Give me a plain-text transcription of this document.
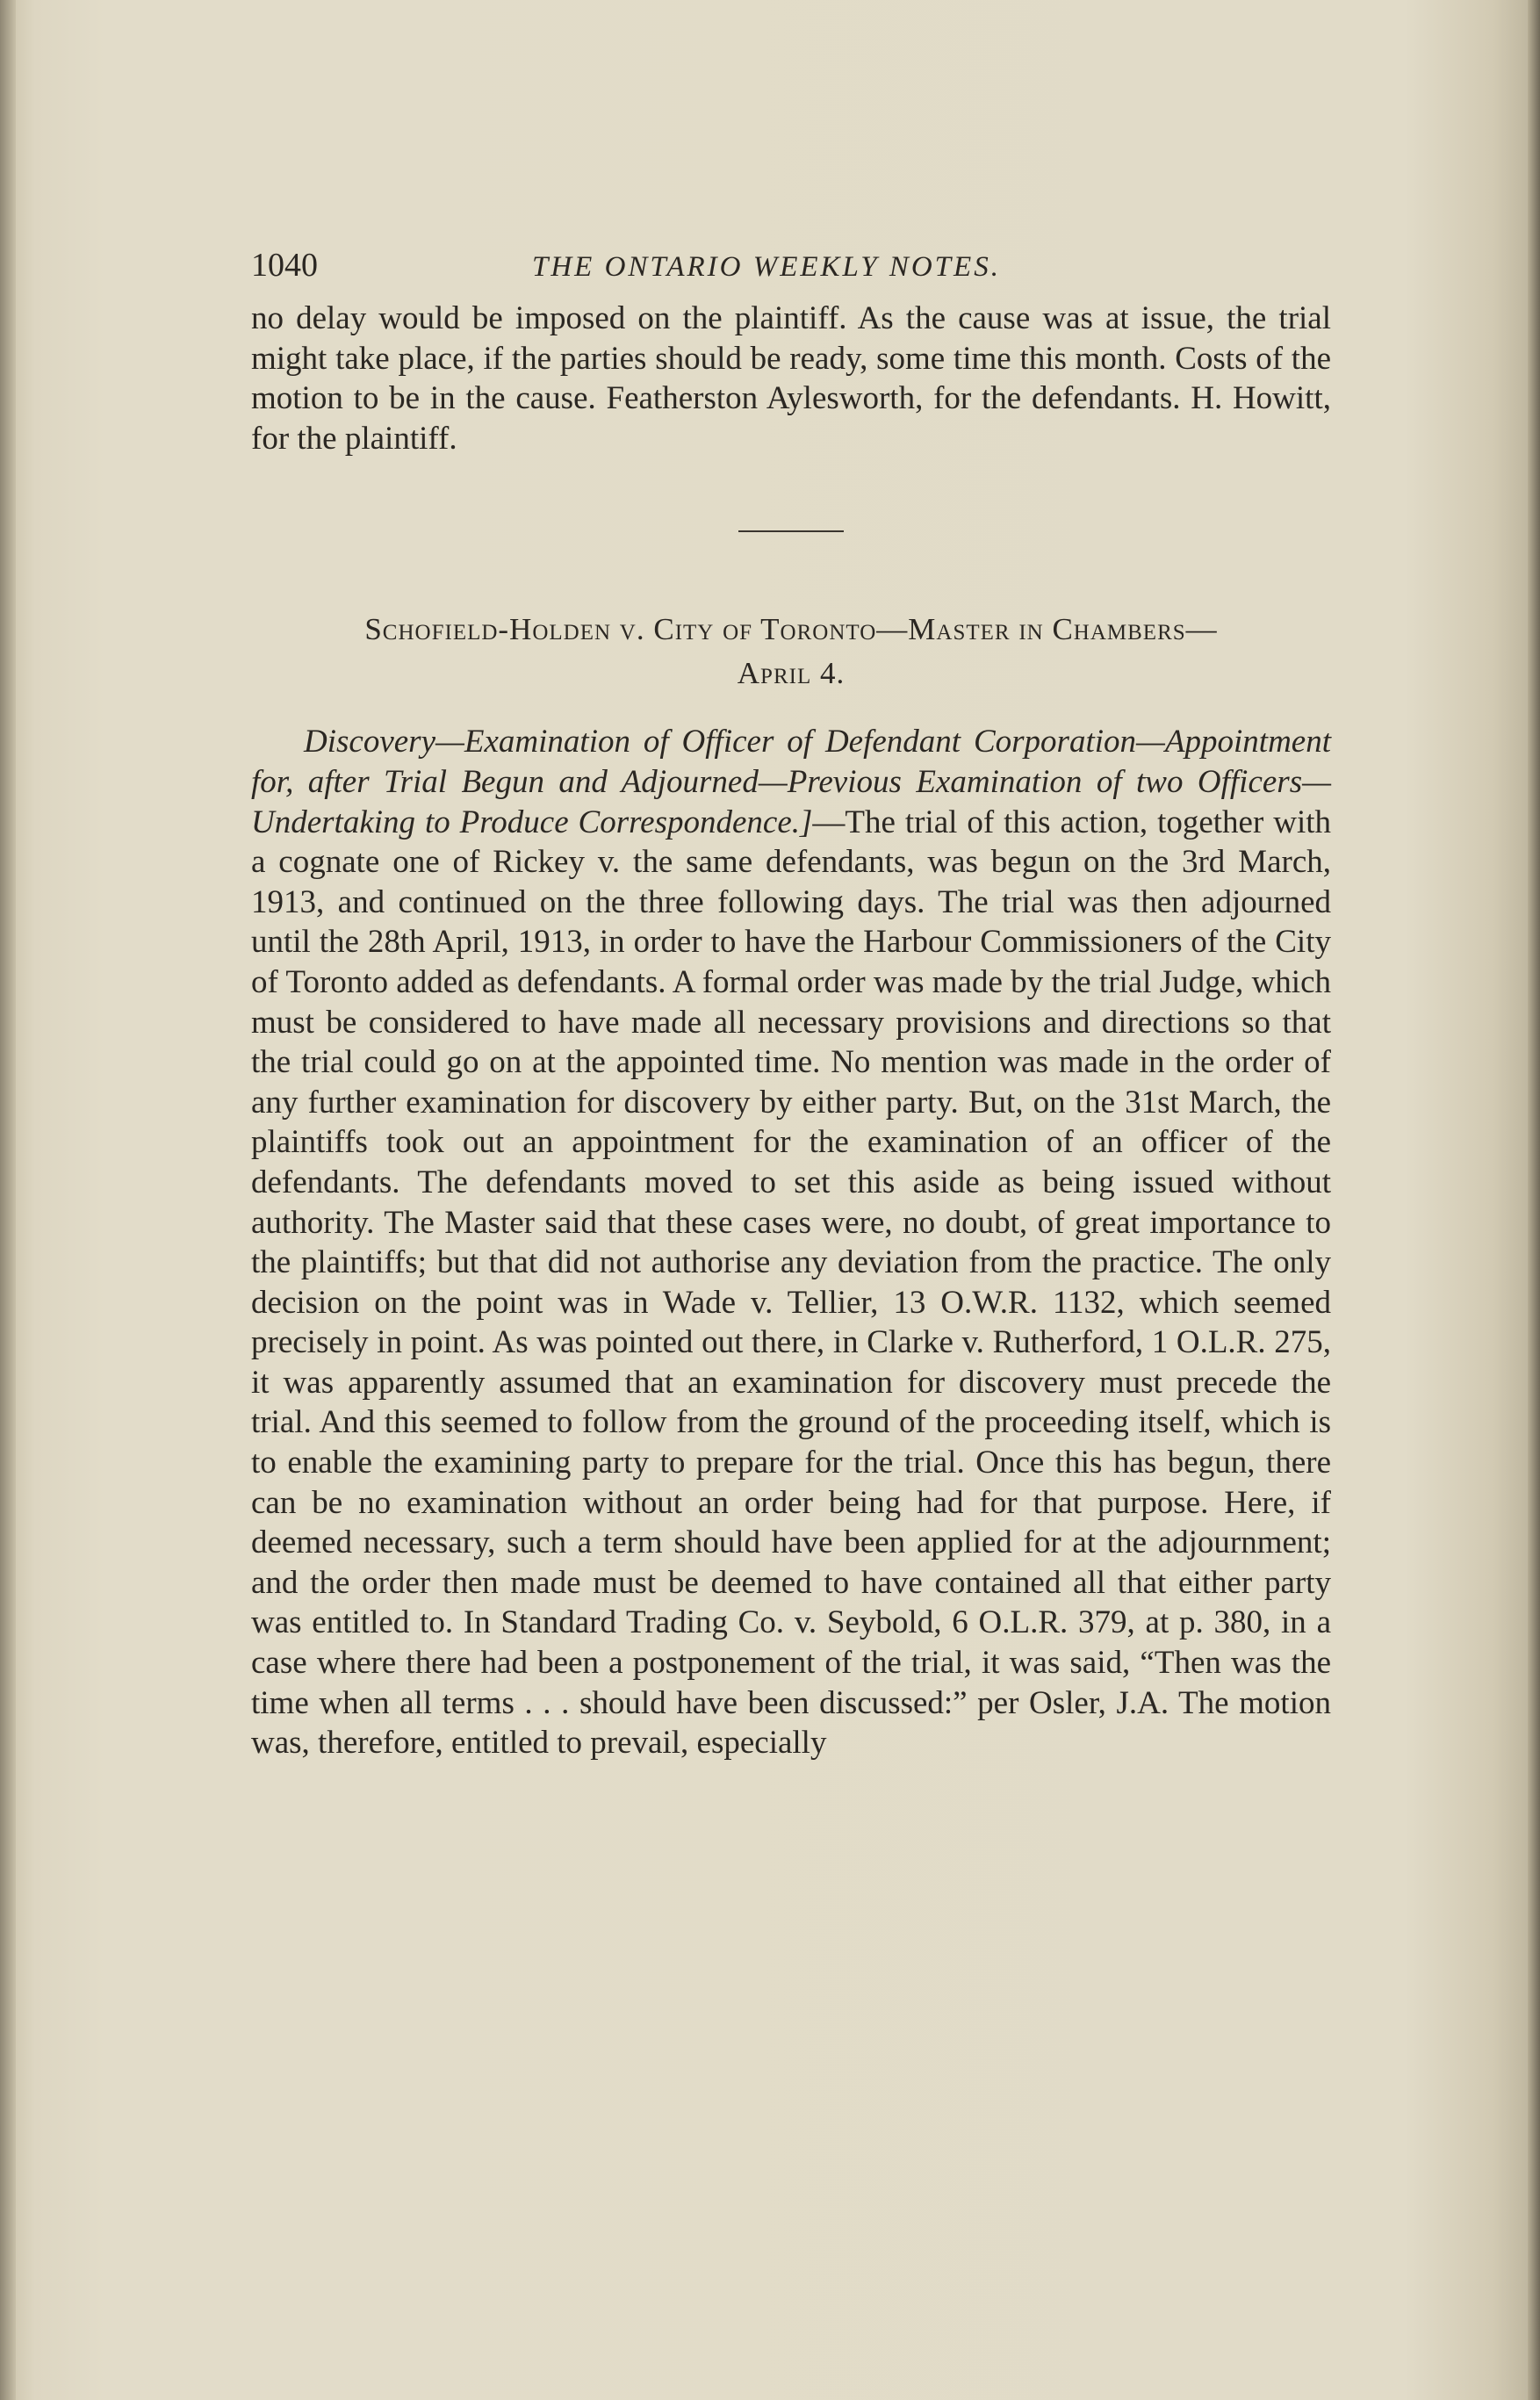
1040	THE ONTARIO WEEKLY NOTES.

no delay would be imposed on the plaintiff. As the cause was at issue, the trial might take place, if the parties should be ready, some time this month. Costs of the motion to be in the cause. Featherston Aylesworth, for the defendants. H. Howitt, for the plaintiff.

Schofield-Holden v. City of Toronto—Master in Chambers—
April 4.

Discovery—Examination of Officer of Defendant Corporation—Appointment for, after Trial Begun and Adjourned—Previous Examination of two Officers—Undertaking to Produce Correspondence.]—The trial of this action, together with a cognate one of Rickey v. the same defendants, was begun on the 3rd March, 1913, and continued on the three following days. The trial was then adjourned until the 28th April, 1913, in order to have the Harbour Commissioners of the City of Toronto added as defendants. A formal order was made by the trial Judge, which must be considered to have made all necessary provisions and directions so that the trial could go on at the appointed time. No mention was made in the order of any further examination for discovery by either party. But, on the 31st March, the plaintiffs took out an appointment for the examination of an officer of the defendants. The defendants moved to set this aside as being issued without authority. The Master said that these cases were, no doubt, of great importance to the plaintiffs; but that did not authorise any deviation from the practice. The only decision on the point was in Wade v. Tellier, 13 O.W.R. 1132, which seemed precisely in point. As was pointed out there, in Clarke v. Rutherford, 1 O.L.R. 275, it was apparently assumed that an examination for discovery must precede the trial. And this seemed to follow from the ground of the proceeding itself, which is to enable the examining party to prepare for the trial. Once this has begun, there can be no examination without an order being had for that purpose. Here, if deemed necessary, such a term should have been applied for at the adjournment; and the order then made must be deemed to have contained all that either party was entitled to. In Standard Trading Co. v. Seybold, 6 O.L.R. 379, at p. 380, in a case where there had been a postponement of the trial, it was said, “Then was the time when all terms . . . should have been discussed:” per Osler, J.A. The motion was, therefore, entitled to prevail, especially
